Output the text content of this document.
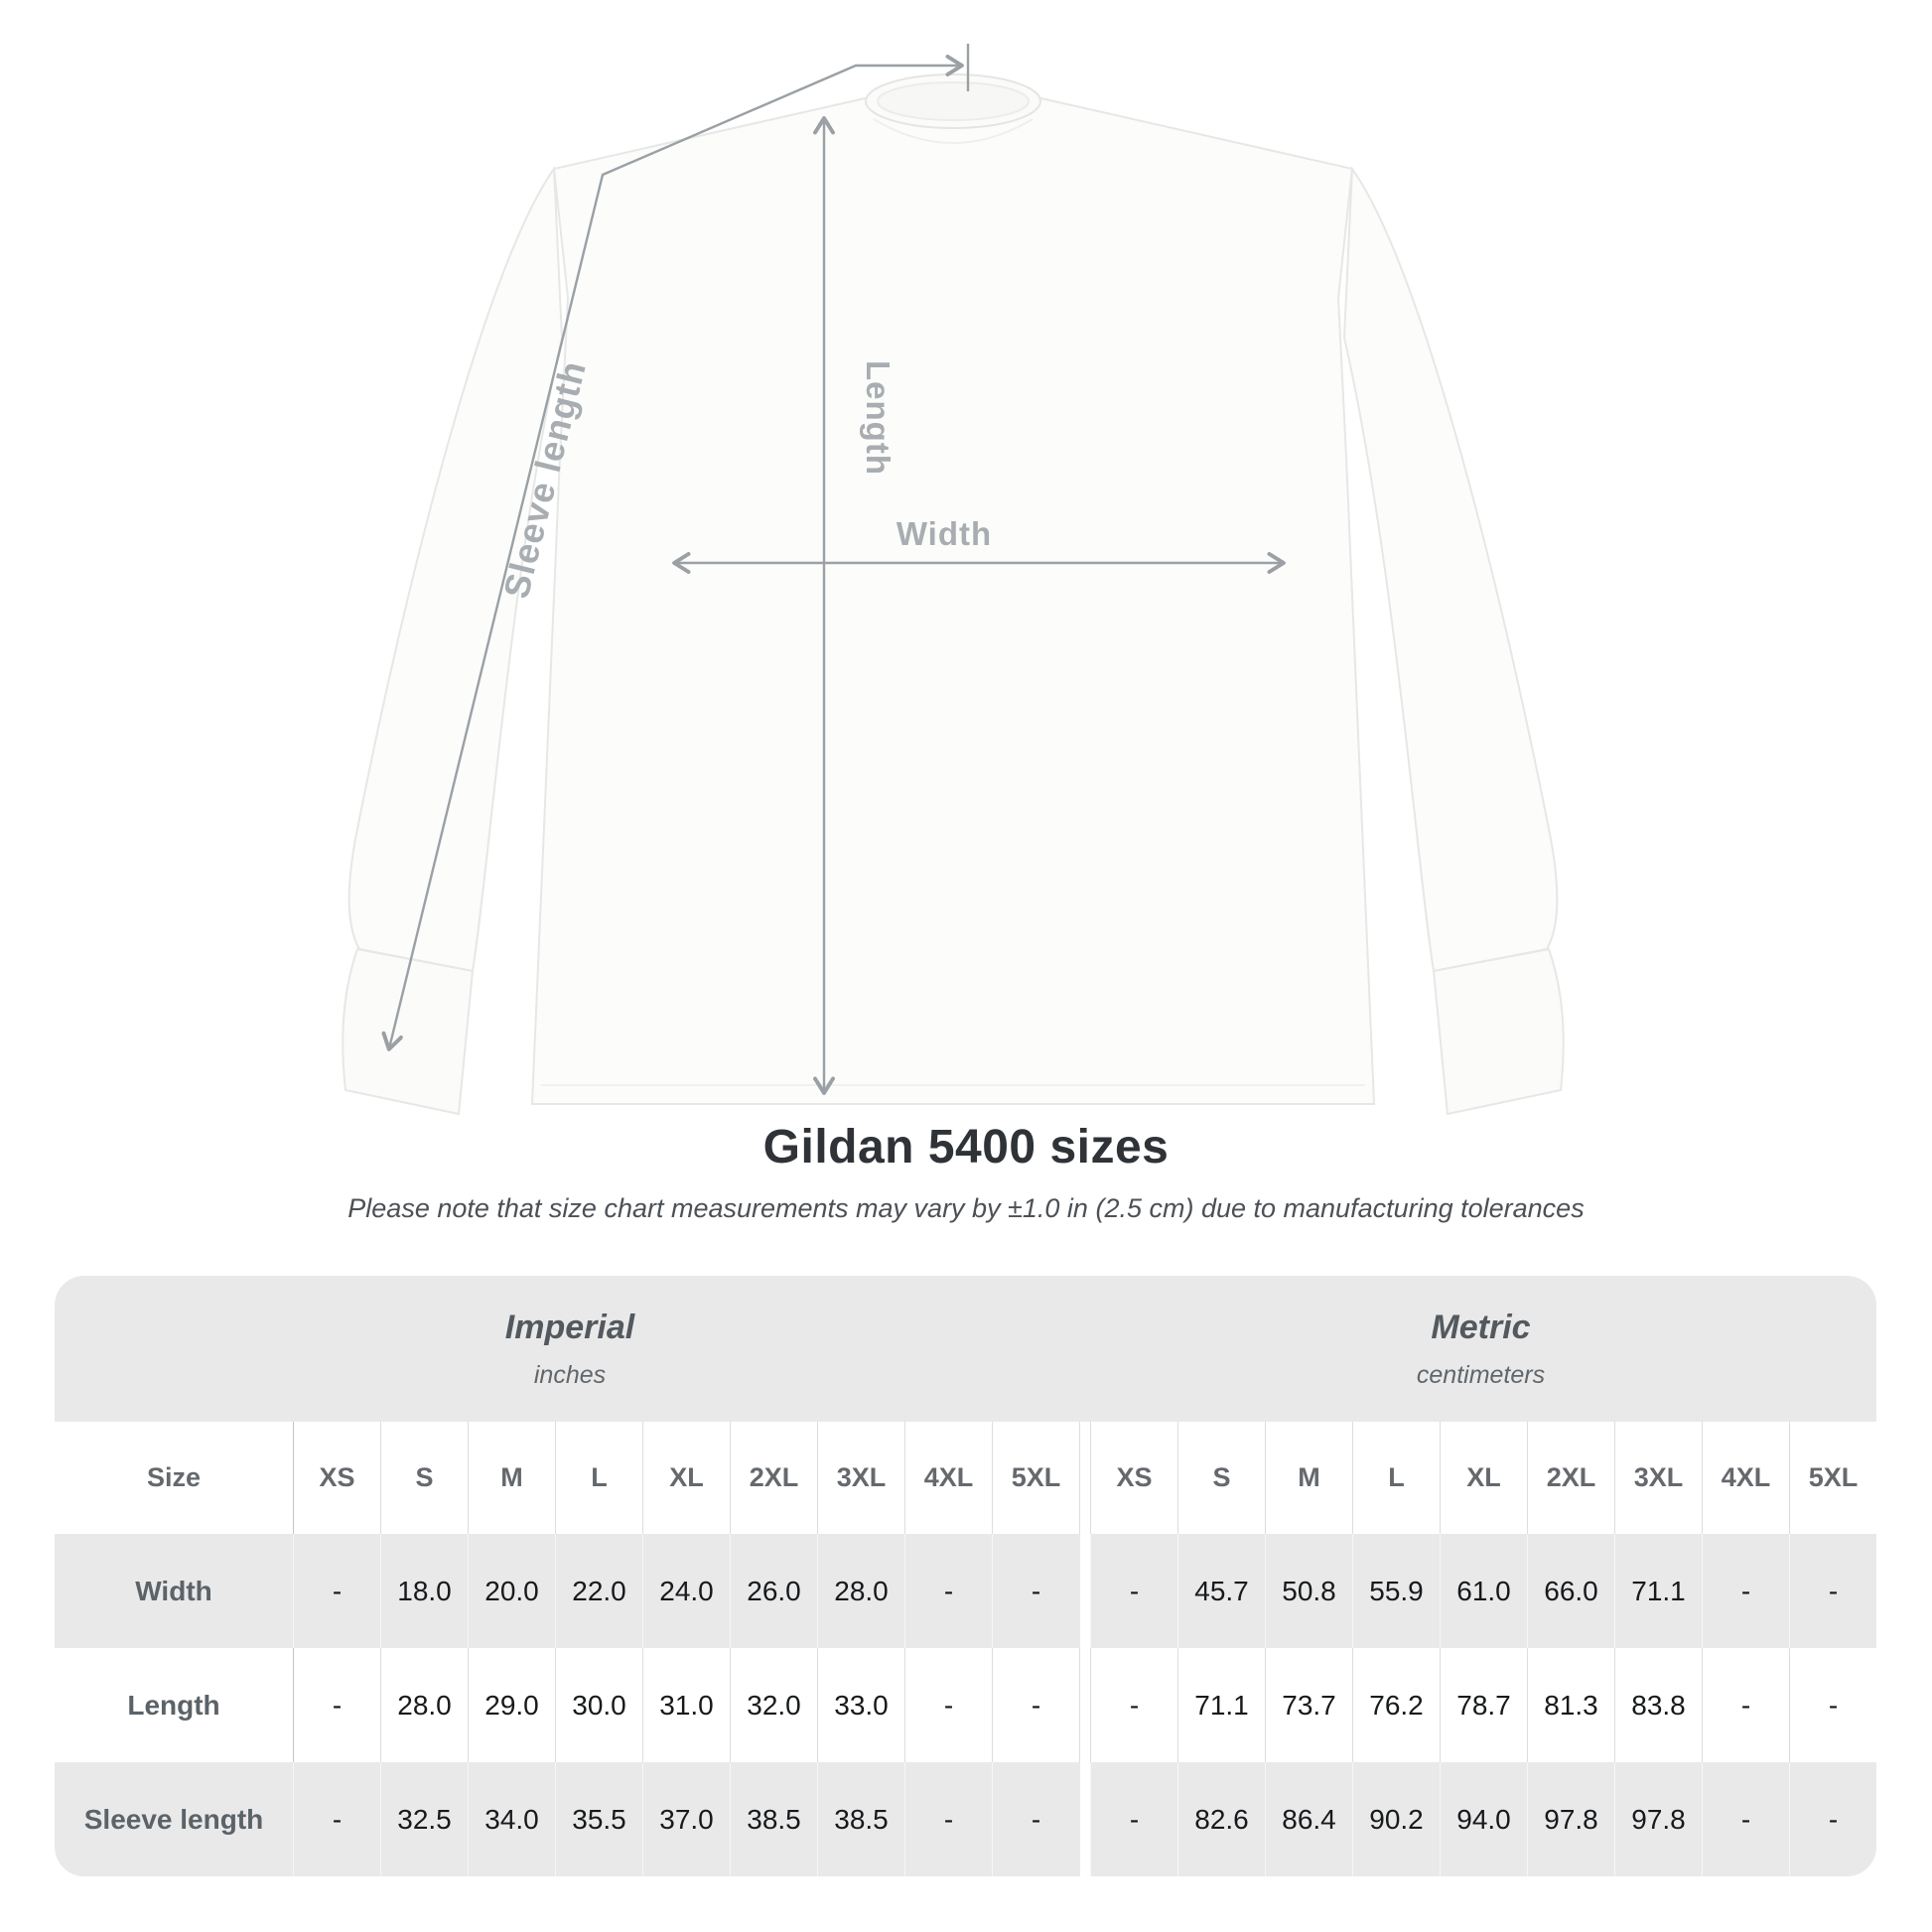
Sleeve length	Length
Width
Gildan 5400 sizes
Please note that size chart measurements may vary by ±1.0 in (2.5 cm) due to manufacturing tolerances
Imperial
inches
Metric
centimeters
Size	XS	S	M	L	XL	2XL	3XL	4XL	5XL	XS	S	M	L	XL	2XL	3XL	4XL	5XL
Width	-	18.0	20.0	22.0	24.0	26.0	28.0	-	-	-	45.7	50.8	55.9	61.0	66.0	71.1	-	-
Length	-	28.0	29.0	30.0	31.0	32.0	33.0	-	-	-	71.1	73.7	76.2	78.7	81.3	83.8	-	-
Sleeve length	-	32.5	34.0	35.5	37.0	38.5	38.5	-	-	-	82.6	86.4	90.2	94.0	97.8	97.8	-	-
